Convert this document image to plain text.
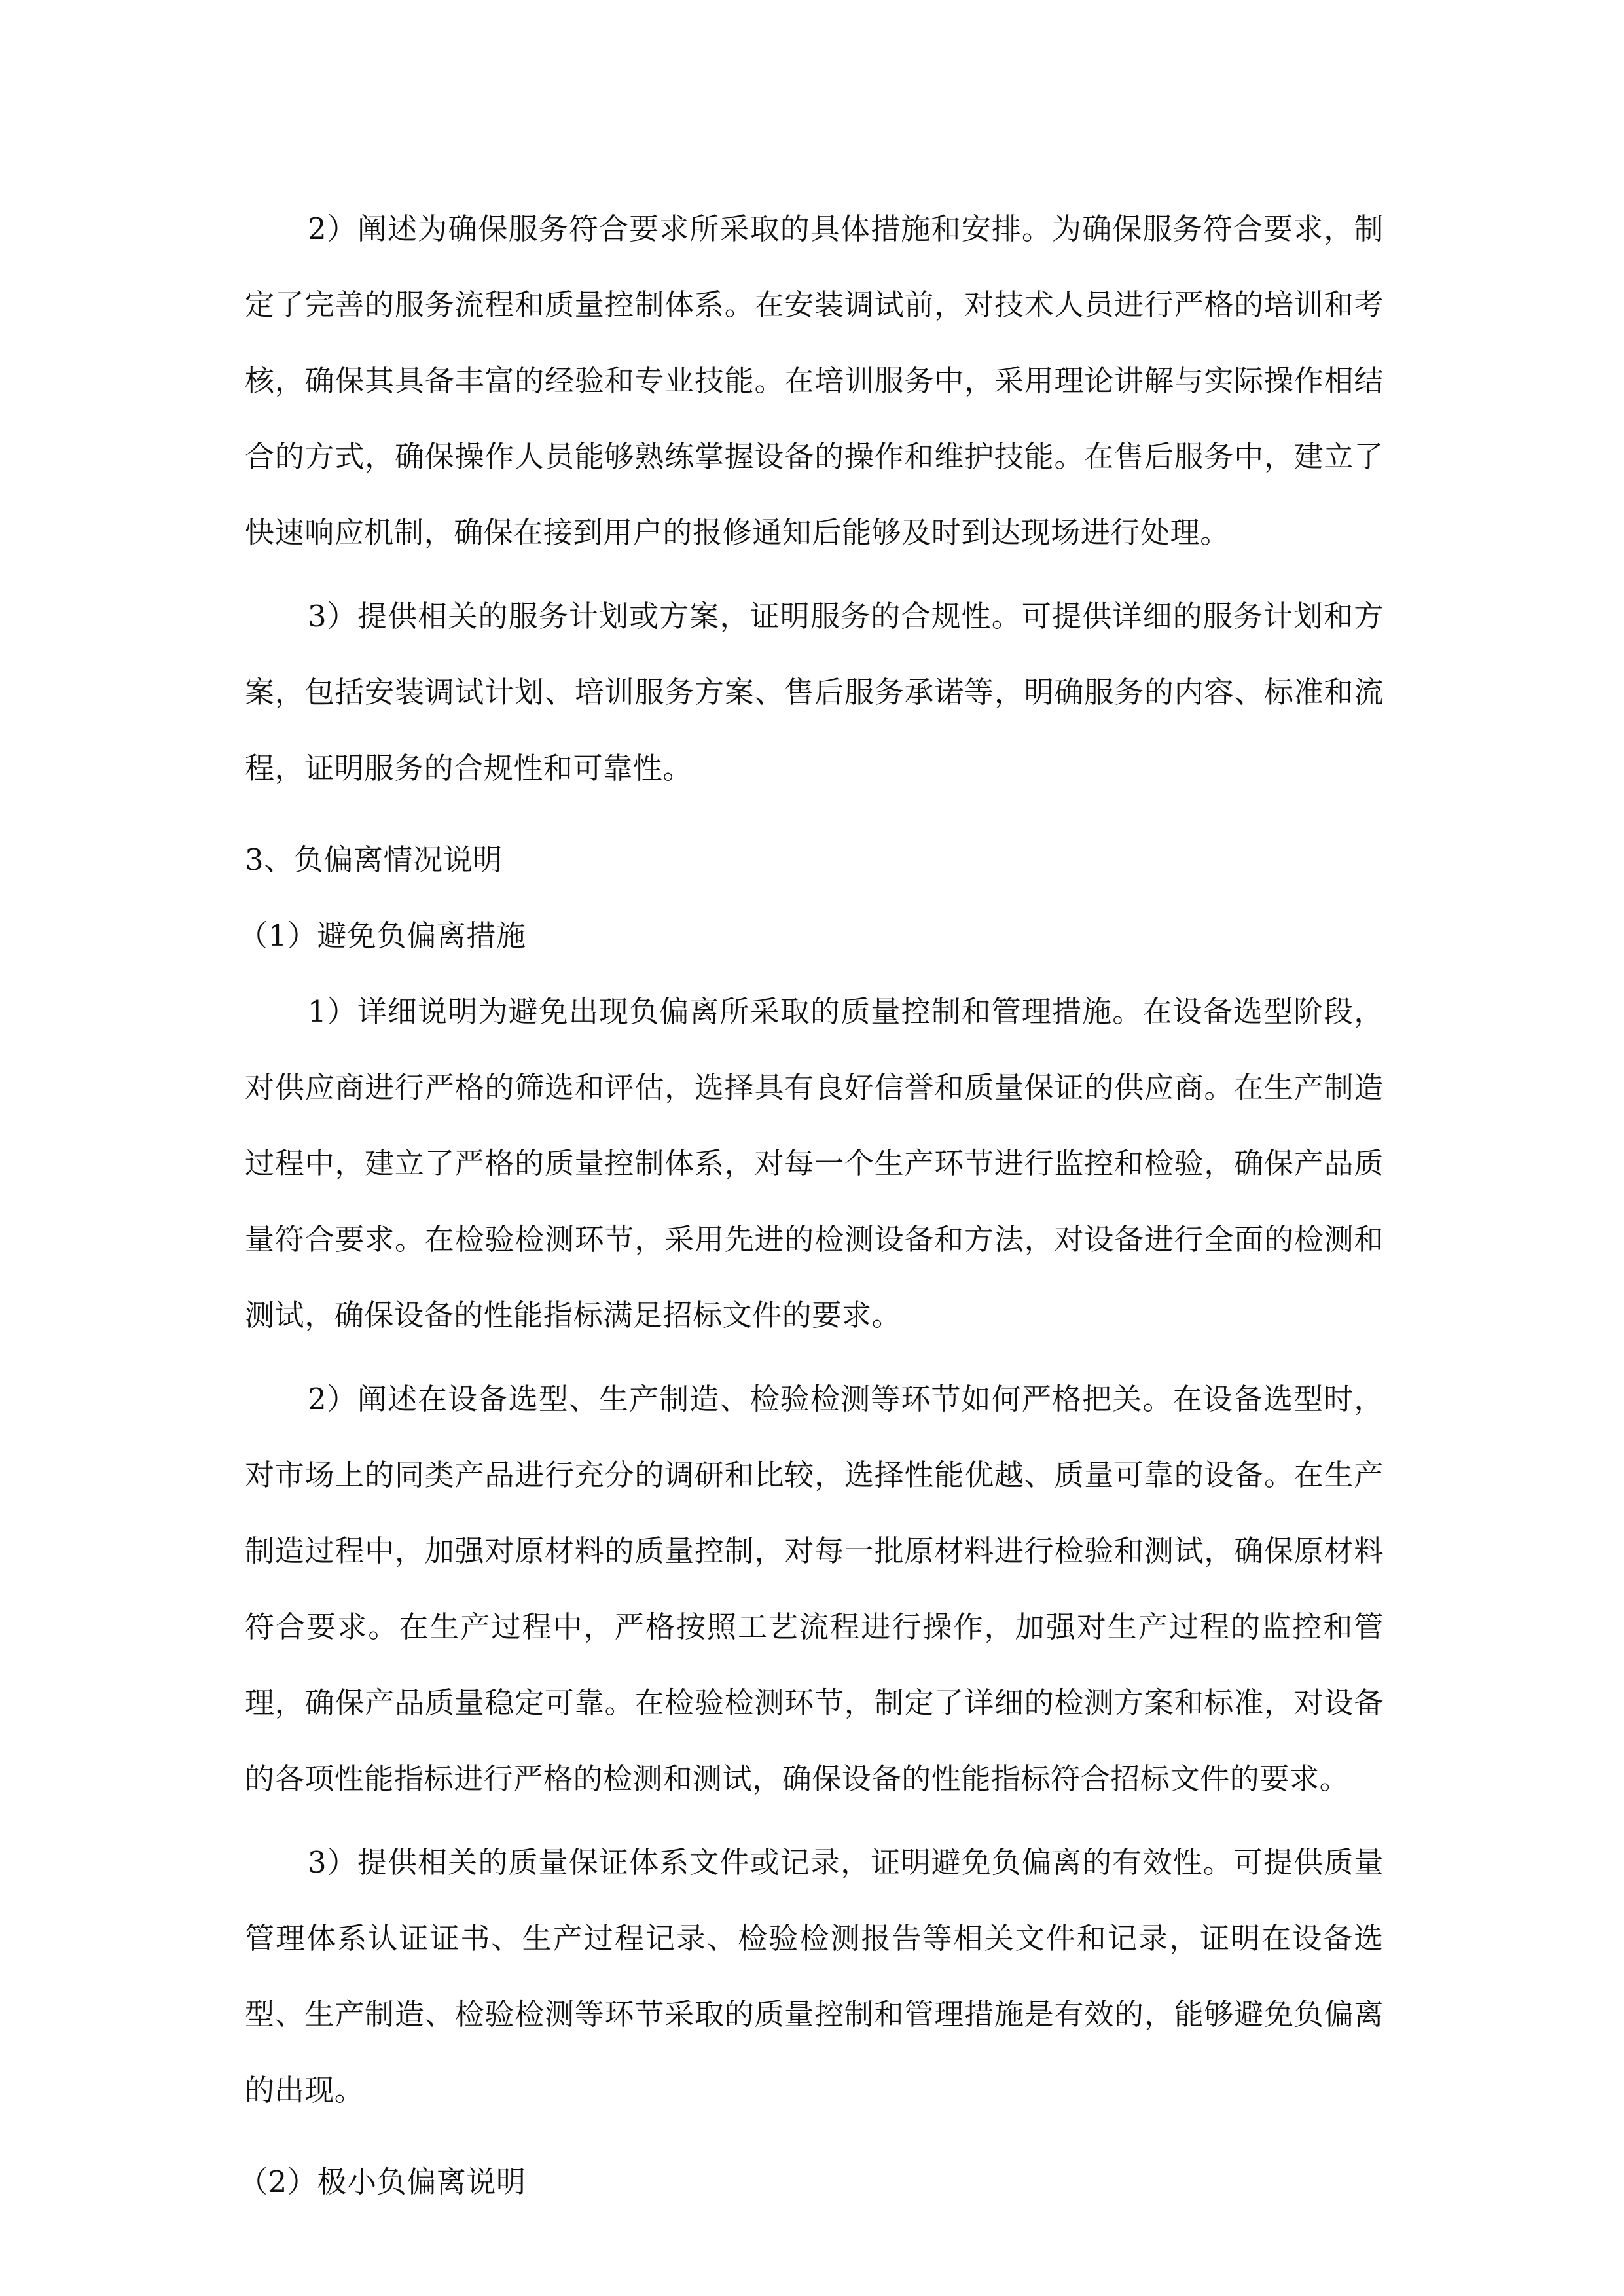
2）阐述为确保服务符合要求所采取的具体措施和安排。为确保服务符合要求，制定了完善的服务流程和质量控制体系。在安装调试前，对技术人员进行严格的培训和考核，确保其具备丰富的经验和专业技能。在培训服务中，采用理论讲解与实际操作相结合的方式，确保操作人员能够熟练掌握设备的操作和维护技能。在售后服务中，建立了快速响应机制，确保在接到用户的报修通知后能够及时到达现场进行处理。

3）提供相关的服务计划或方案，证明服务的合规性。可提供详细的服务计划和方案，包括安装调试计划、培训服务方案、售后服务承诺等，明确服务的内容、标准和流程，证明服务的合规性和可靠性。

3、负偏离情况说明

（1）避免负偏离措施

1）详细说明为避免出现负偏离所采取的质量控制和管理措施。在设备选型阶段，对供应商进行严格的筛选和评估，选择具有良好信誉和质量保证的供应商。在生产制造过程中，建立了严格的质量控制体系，对每一个生产环节进行监控和检验，确保产品质量符合要求。在检验检测环节，采用先进的检测设备和方法，对设备进行全面的检测和测试，确保设备的性能指标满足招标文件的要求。

2）阐述在设备选型、生产制造、检验检测等环节如何严格把关。在设备选型时，对市场上的同类产品进行充分的调研和比较，选择性能优越、质量可靠的设备。在生产制造过程中，加强对原材料的质量控制，对每一批原材料进行检验和测试，确保原材料符合要求。在生产过程中，严格按照工艺流程进行操作，加强对生产过程的监控和管理，确保产品质量稳定可靠。在检验检测环节，制定了详细的检测方案和标准，对设备的各项性能指标进行严格的检测和测试，确保设备的性能指标符合招标文件的要求。

3）提供相关的质量保证体系文件或记录，证明避免负偏离的有效性。可提供质量管理体系认证证书、生产过程记录、检验检测报告等相关文件和记录，证明在设备选型、生产制造、检验检测等环节采取的质量控制和管理措施是有效的，能够避免负偏离的出现。

（2）极小负偏离说明
